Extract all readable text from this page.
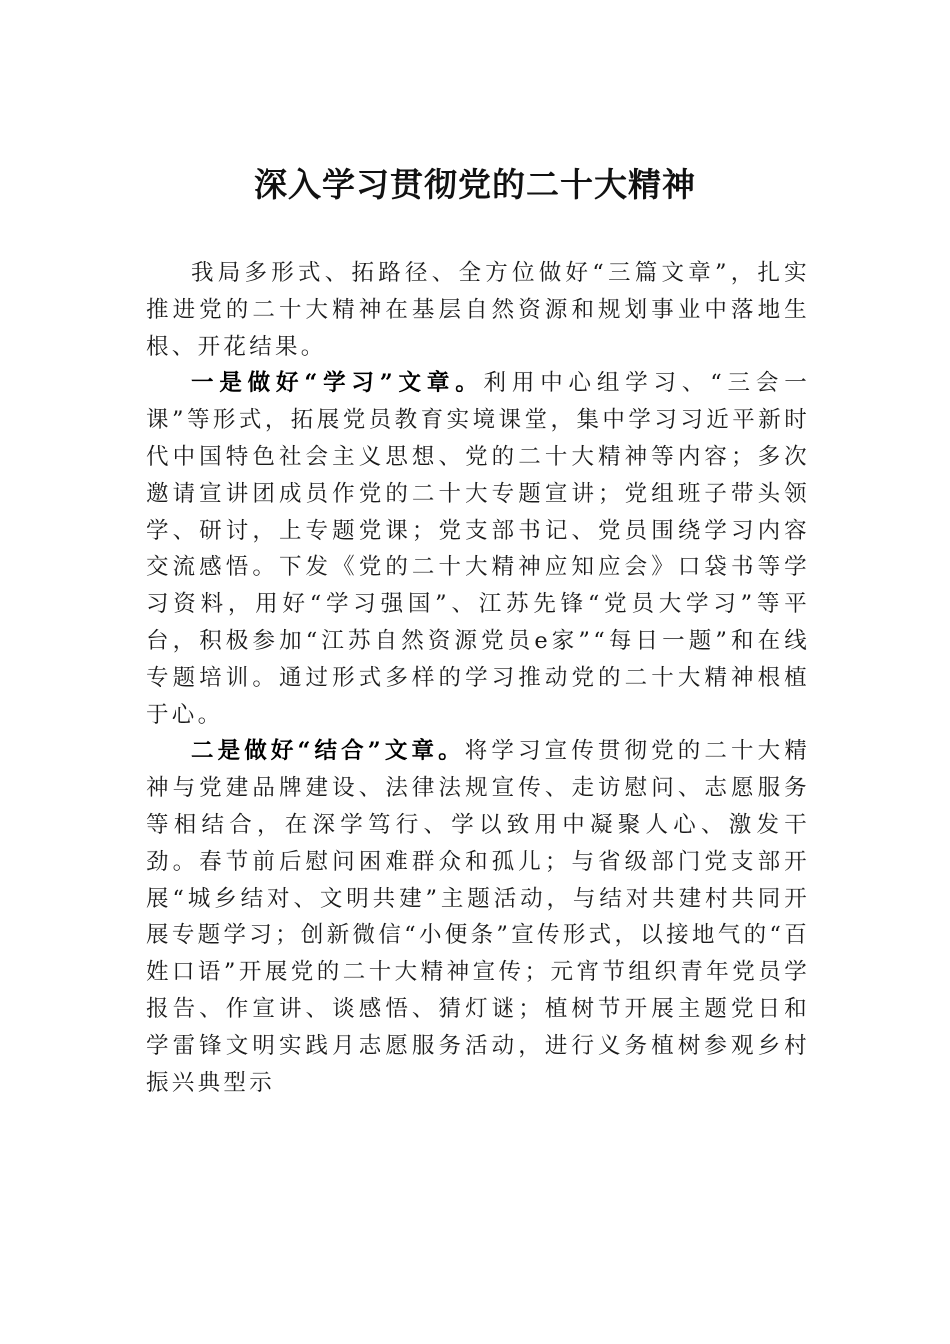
深入学习贯彻党的二十大精神

我局多形式、拓路径、全方位做好“三篇文章”，扎实推进党的二十大精神在基层自然资源和规划事业中落地生根、开花结果。

一是做好“学习”文章。利用中心组学习、“三会一课”等形式，拓展党员教育实境课堂，集中学习习近平新时代中国特色社会主义思想、党的二十大精神等内容；多次邀请宣讲团成员作党的二十大专题宣讲；党组班子带头领学、研讨，上专题党课；党支部书记、党员围绕学习内容交流感悟。下发《党的二十大精神应知应会》口袋书等学习资料，用好“学习强国”、江苏先锋“党员大学习”等平台，积极参加“江苏自然资源党员e家”“每日一题”和在线专题培训。通过形式多样的学习推动党的二十大精神根植于心。

二是做好“结合”文章。将学习宣传贯彻党的二十大精神与党建品牌建设、法律法规宣传、走访慰问、志愿服务等相结合，在深学笃行、学以致用中凝聚人心、激发干劲。春节前后慰问困难群众和孤儿；与省级部门党支部开展“城乡结对、文明共建”主题活动，与结对共建村共同开展专题学习；创新微信“小便条”宣传形式，以接地气的“百姓口语”开展党的二十大精神宣传；元宵节组织青年党员学报告、作宣讲、谈感悟、猜灯谜；植树节开展主题党日和学雷锋文明实践月志愿服务活动，进行义务植树参观乡村振兴典型示
